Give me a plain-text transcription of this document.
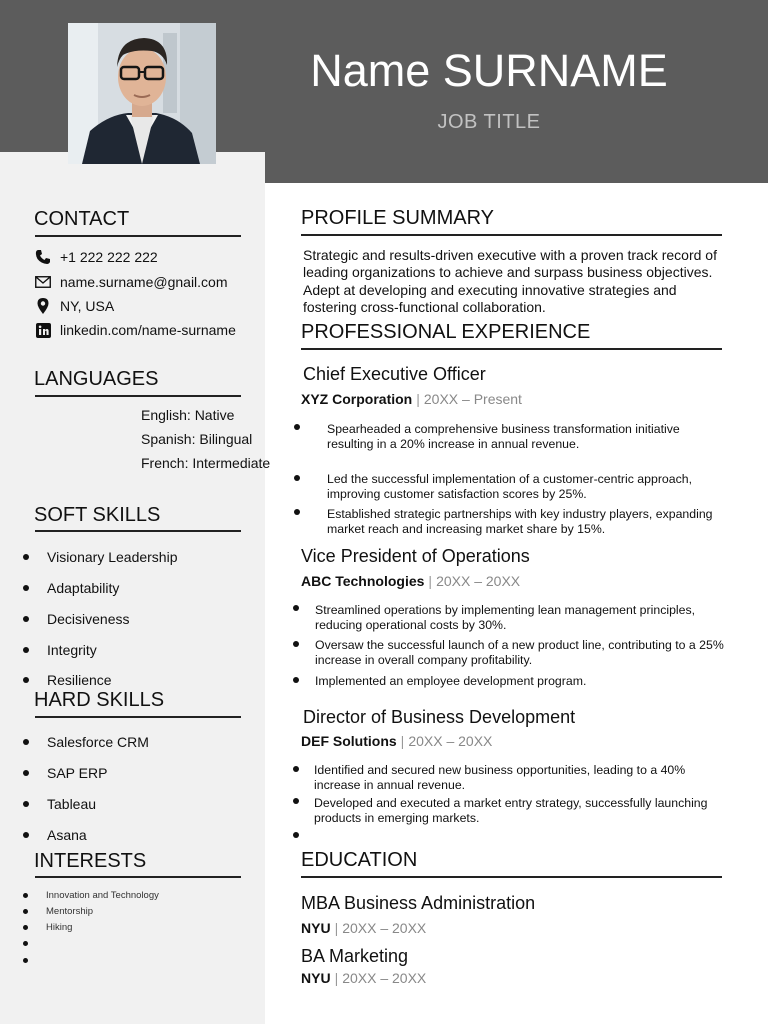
Name SURNAME
JOB TITLE
CONTACT
+1 222 222 222
name.surname@gnail.com
NY, USA
linkedin.com/name-surname
LANGUAGES
English: Native
Spanish: Bilingual
French: Intermediate
SOFT SKILLS
Visionary Leadership
Adaptability
Decisiveness
Integrity
Resilience
HARD SKILLS
Salesforce CRM
SAP ERP
Tableau
Asana
INTERESTS
Innovation and Technology
Mentorship
Hiking
PROFILE SUMMARY
Strategic and results-driven executive with a proven track record of leading organizations to achieve and surpass business objectives. Adept at developing and executing innovative strategies and fostering cross-functional collaboration.
PROFESSIONAL EXPERIENCE
Chief Executive Officer
XYZ Corporation | 20XX – Present
Spearheaded a comprehensive business transformation initiative resulting in a 20% increase in annual revenue.
Led the successful implementation of a customer-centric approach, improving customer satisfaction scores by 25%.
Established strategic partnerships with key industry players, expanding market reach and increasing market share by 15%.
Vice President of Operations
ABC Technologies | 20XX – 20XX
Streamlined operations by implementing lean management principles, reducing operational costs by 30%.
Oversaw the successful launch of a new product line, contributing to a 25% increase in overall company profitability.
Implemented an employee development program.
Director of Business Development
DEF Solutions | 20XX – 20XX
Identified and secured new business opportunities, leading to a 40% increase in annual revenue.
Developed and executed a market entry strategy, successfully launching products in emerging markets.
EDUCATION
MBA Business Administration
NYU | 20XX – 20XX
BA Marketing
NYU | 20XX – 20XX
